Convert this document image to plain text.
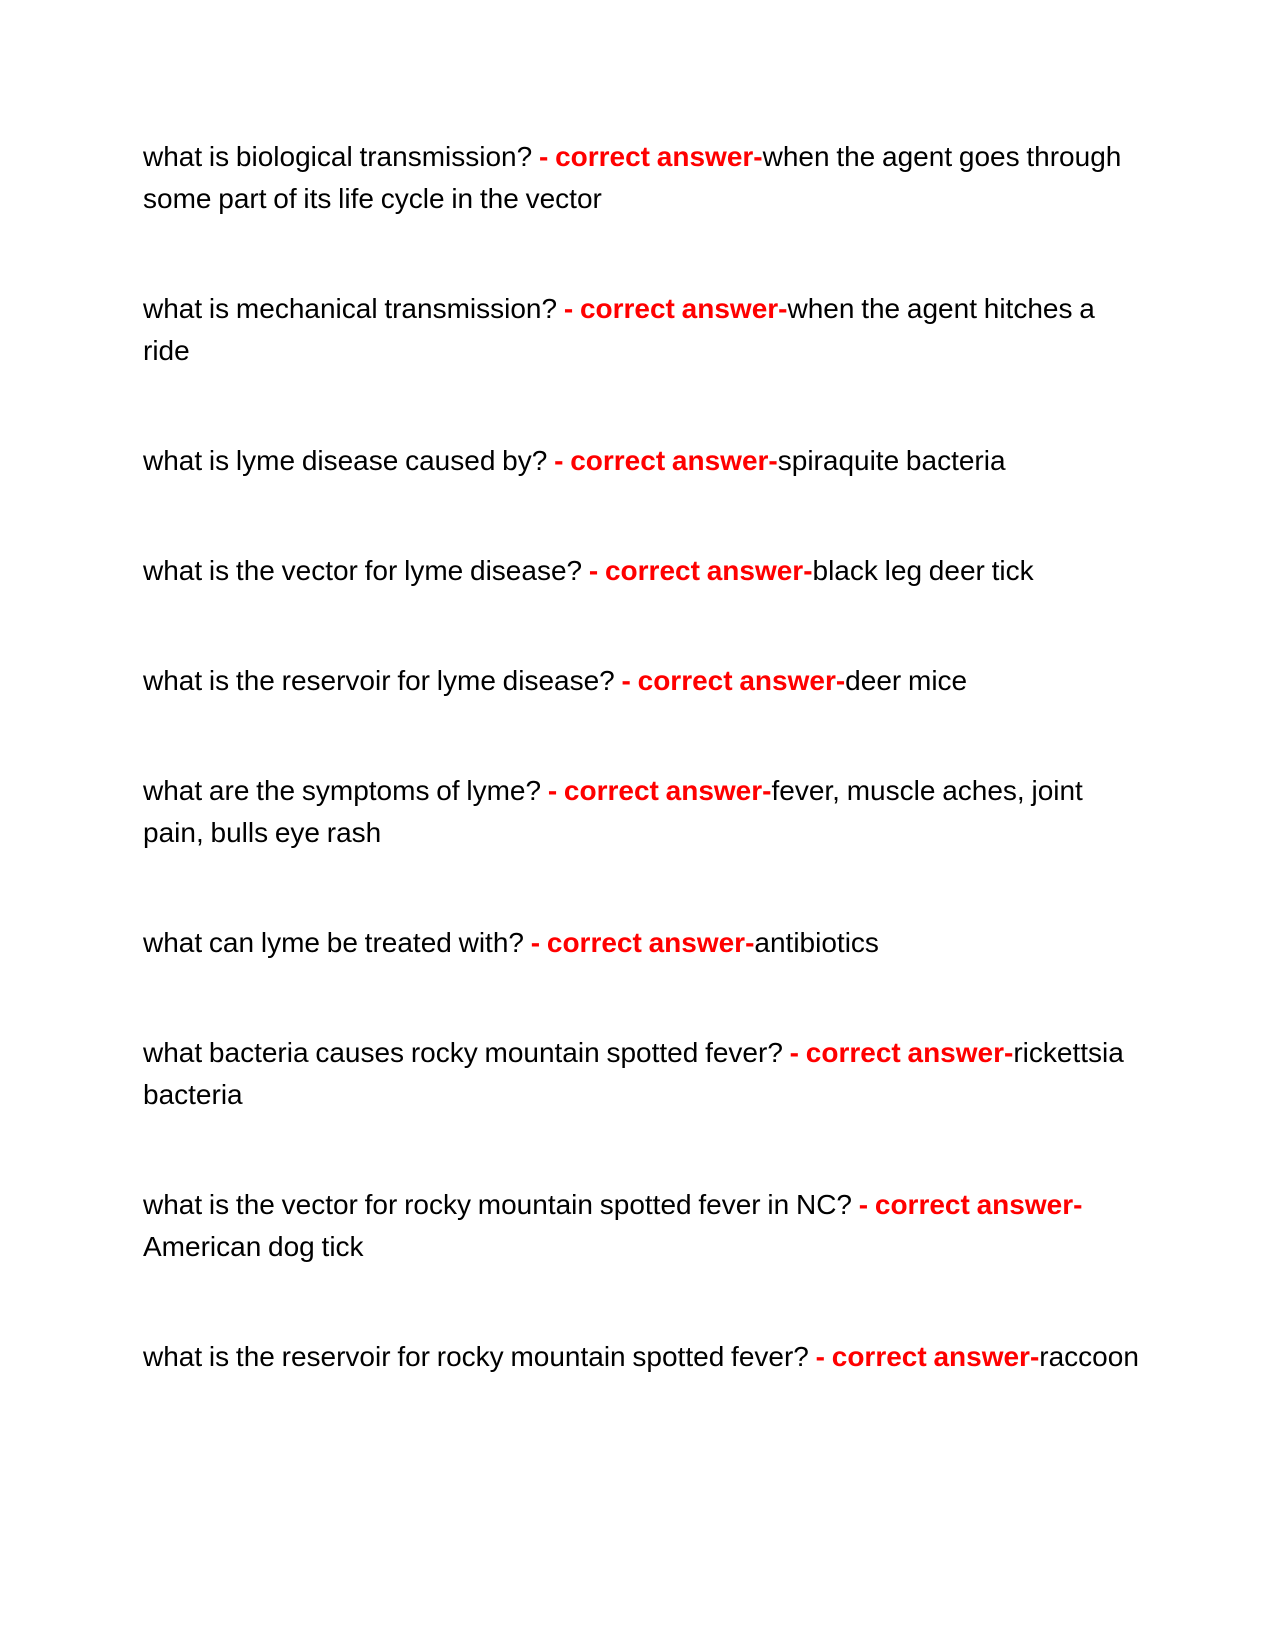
what is biological transmission? - correct answer-when the agent goes through some part of its life cycle in the vector

what is mechanical transmission? - correct answer-when the agent hitches a ride

what is lyme disease caused by? - correct answer-spiraquite bacteria

what is the vector for lyme disease? - correct answer-black leg deer tick

what is the reservoir for lyme disease? - correct answer-deer mice

what are the symptoms of lyme? - correct answer-fever, muscle aches, joint pain, bulls eye rash

what can lyme be treated with? - correct answer-antibiotics

what bacteria causes rocky mountain spotted fever? - correct answer-rickettsia bacteria

what is the vector for rocky mountain spotted fever in NC? - correct answer-American dog tick

what is the reservoir for rocky mountain spotted fever? - correct answer-raccoon
